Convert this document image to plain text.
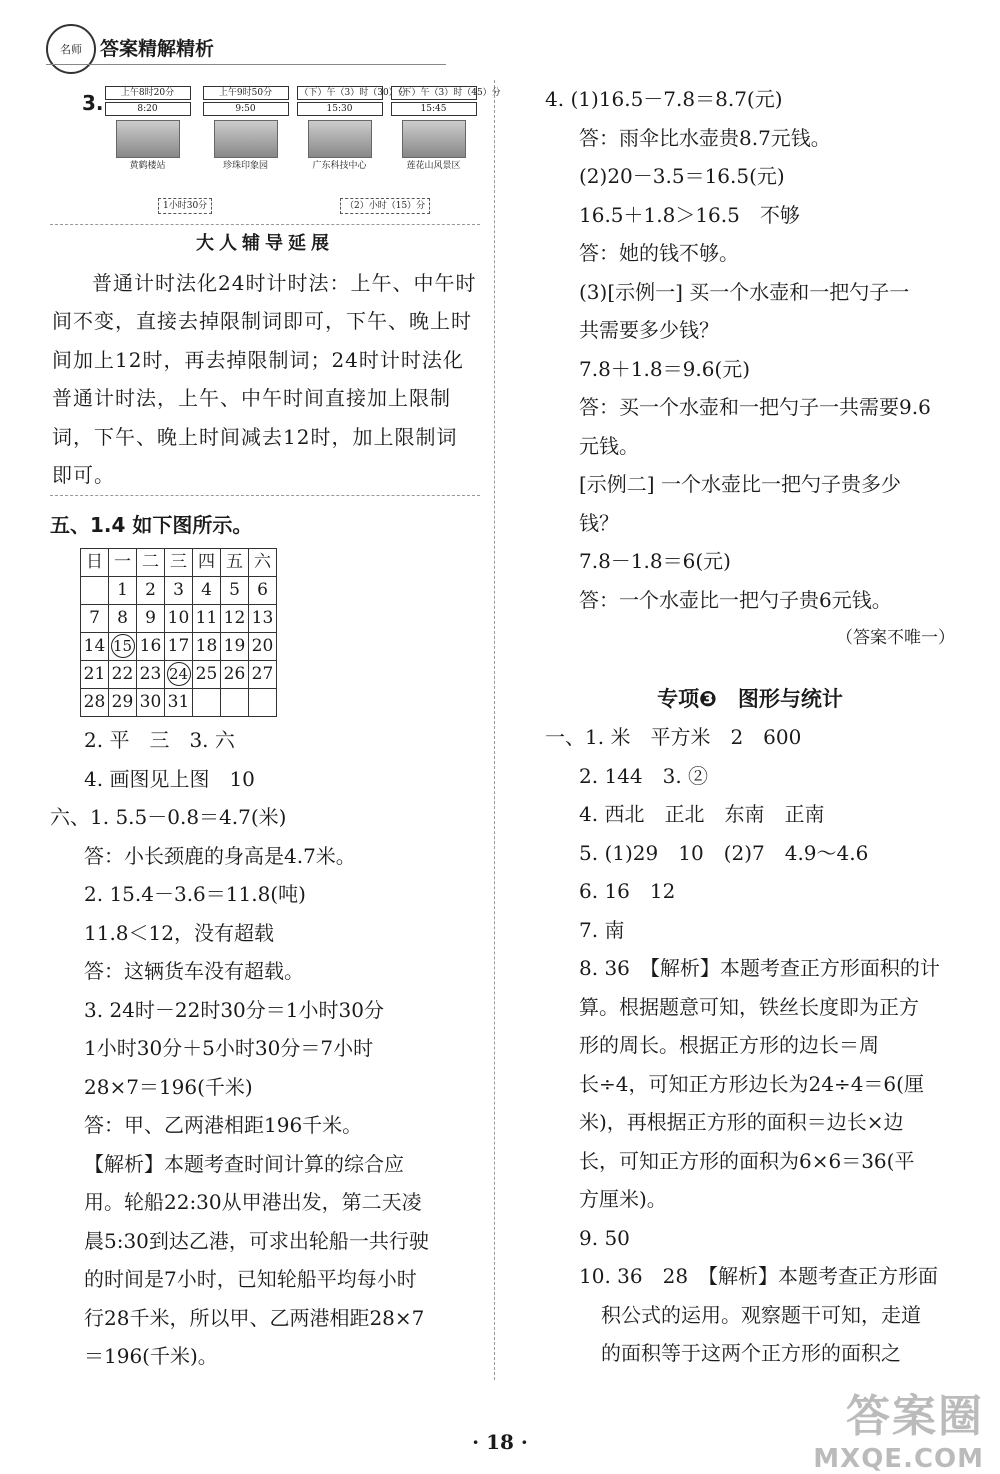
名师 答案精解精析
3.	上午8时20分
8:20
黄鹤楼站
上午9时50分
9:50
珍珠印象园
（下）午（3）时（30）分
15:30
广东科技中心
（下）午（3）时（45）分
15:45
莲花山风景区
1小时30分	（2）小时（15）分
大人辅导延展

普通计时法化24时计时法：上午、中午时间不变，直接去掉限制词即可，下午、晚上时间加上12时，再去掉限制词；24时计时法化普通计时法，上午、中午时间直接加上限制词，下午、晚上时间减去12时，加上限制词即可。

五、1.4 如下图所示。
日	一	二	三	四	五	六
	1	2	3	4	5	6
7	8	9	10	11	12	13
14	15	16	17	18	19	20
21	22	23	24	25	26	27
28	29	30	31			
2. 平　三　3. 六
4. 画图见上图　10
六、1. 5.5－0.8＝4.7(米)
答：小长颈鹿的身高是4.7米。
2. 15.4－3.6＝11.8(吨)
11.8＜12，没有超载
答：这辆货车没有超载。
3. 24时－22时30分＝1小时30分
1小时30分＋5小时30分＝7小时
28×7＝196(千米)
答：甲、乙两港相距196千米。
【解析】本题考查时间计算的综合应
用。轮船22:30从甲港出发，第二天凌
晨5:30到达乙港，可求出轮船一共行驶
的时间是7小时，已知轮船平均每小时
行28千米，所以甲、乙两港相距28×7
＝196(千米)。
4. (1)16.5－7.8＝8.7(元)
答：雨伞比水壶贵8.7元钱。
(2)20－3.5＝16.5(元)
16.5＋1.8＞16.5　不够
答：她的钱不够。
(3)[示例一] 买一个水壶和一把勺子一
共需要多少钱？
7.8＋1.8＝9.6(元)
答：买一个水壶和一把勺子一共需要9.6
元钱。
[示例二] 一个水壶比一把勺子贵多少
钱？
7.8－1.8＝6(元)
答：一个水壶比一把勺子贵6元钱。
（答案不唯一）
专项❸　图形与统计
一、1. 米　平方米　2　600
2. 144　3. ②
4. 西北　正北　东南　正南
5. (1)29　10　(2)7　4.9～4.6
6. 16　12
7. 南
8. 36　【解析】本题考查正方形面积的计
算。根据题意可知，铁丝长度即为正方
形的周长。根据正方形的边长＝周
长÷4，可知正方形边长为24÷4＝6(厘
米)，再根据正方形的面积＝边长×边
长，可知正方形的面积为6×6＝36(平
方厘米)。
9. 50
10. 36　28　【解析】本题考查正方形面
积公式的运用。观察题干可知，走道
的面积等于这两个正方形的面积之
· 18 ·	答案圈
MXQE.COM
